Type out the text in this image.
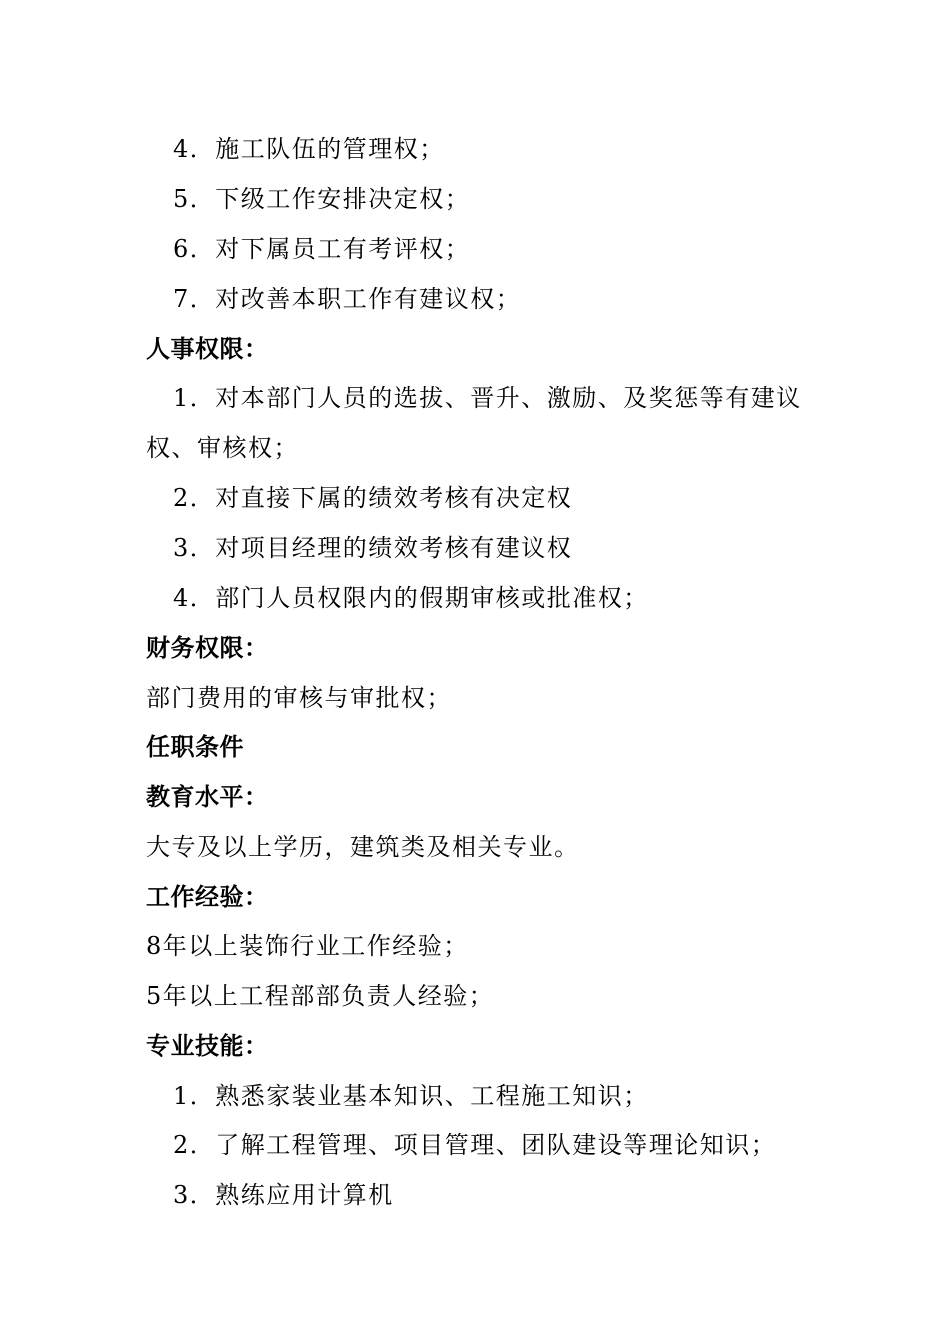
4．施工队伍的管理权；
5．下级工作安排决定权；
6．对下属员工有考评权；
7．对改善本职工作有建议权；
人事权限：
1．对本部门人员的选拔、晋升、激励、及奖惩等有建议
权、审核权；
2．对直接下属的绩效考核有决定权
3．对项目经理的绩效考核有建议权
4．部门人员权限内的假期审核或批准权；
财务权限：
部门费用的审核与审批权；
任职条件
教育水平：
大专及以上学历，建筑类及相关专业。
工作经验：
8年以上装饰行业工作经验；
5年以上工程部部负责人经验；
专业技能：
1．熟悉家装业基本知识、工程施工知识；
2．了解工程管理、项目管理、团队建设等理论知识；
3．熟练应用计算机
